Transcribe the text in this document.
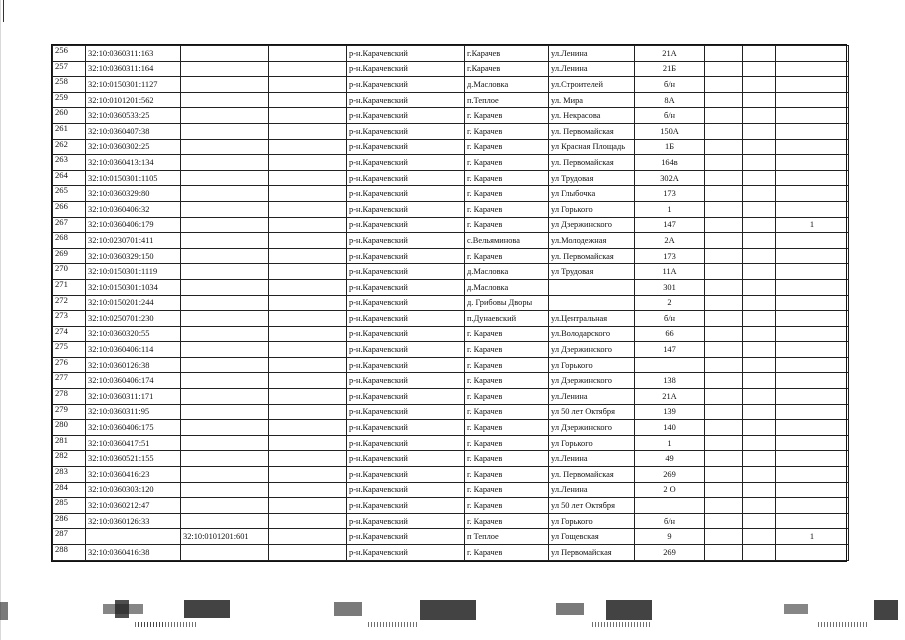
256	32:10:0360311:163			р-н.Карачевский	г.Карачев	ул.Ленина	21А			
257	32:10:0360311:164			р-н.Карачевский	г.Карачев	ул.Ленина	21Б			
258	32:10:0150301:1127			р-н.Карачевский	д.Масловка	ул.Строителей	б/н			
259	32:10:0101201:562			р-н.Карачевский	п.Теплое	ул. Мира	8А			
260	32:10:0360533:25			р-н.Карачевский	г. Карачев	ул. Некрасова	б/н			
261	32:10:0360407:38			р-н.Карачевский	г. Карачев	ул. Первомайская	150А			
262	32:10:0360302:25			р-н.Карачевский	г. Карачев	ул Красная Площадь	1Б			
263	32:10:0360413:134			р-н.Карачевский	г. Карачев	ул. Первомайская	164в			
264	32:10:0150301:1105			р-н.Карачевский	г. Карачев	ул Трудовая	302А			
265	32:10:0360329:80			р-н.Карачевский	г. Карачев	ул Глыбочка	173			
266	32:10:0360406:32			р-н.Карачевский	г. Карачев	ул Горького	1			
267	32:10:0360406:179			р-н.Карачевский	г. Карачев	ул Дзержинского	147			1
268	32:10:0230701:411			р-н.Карачевский	с.Вельяминова	ул.Молодежная	2А			
269	32:10:0360329:150			р-н.Карачевский	г. Карачев	ул. Первомайская	173			
270	32:10:0150301:1119			р-н.Карачевский	д.Масловка	ул Трудовая	11А			
271	32:10:0150301:1034			р-н.Карачевский	д.Масловка		301			
272	32:10:0150201:244			р-н.Карачевский	д. Грибовы Дворы		2			
273	32:10:0250701:230			р-н.Карачевский	п.Дунаевский	ул.Центральная	б/н			
274	32:10:0360320:55			р-н.Карачевский	г. Карачев	ул.Володарского	66			
275	32:10:0360406:114			р-н.Карачевский	г. Карачев	ул Дзержинского	147			
276	32:10:0360126:38			р-н.Карачевский	г. Карачев	ул Горького				
277	32:10:0360406:174			р-н.Карачевский	г. Карачев	ул Дзержинского	138			
278	32:10:0360311:171			р-н.Карачевский	г. Карачев	ул.Ленина	21А			
279	32:10:0360311:95			р-н.Карачевский	г. Карачев	ул 50 лет Октября	139			
280	32:10:0360406:175			р-н.Карачевский	г. Карачев	ул Дзержинского	140			
281	32:10:0360417:51			р-н.Карачевский	г. Карачев	ул Горького	1			
282	32:10:0360521:155			р-н.Карачевский	г. Карачев	ул.Ленина	49			
283	32:10:0360416:23			р-н.Карачевский	г. Карачев	ул. Первомайская	269			
284	32:10:0360303:120			р-н.Карачевский	г. Карачев	ул.Ленина	2 О			
285	32:10:0360212:47			р-н.Карачевский	г. Карачев	ул 50 лет Октября				
286	32:10:0360126:33			р-н.Карачевский	г. Карачев	ул Горького	б/н			
287		32:10:0101201:601		р-н.Карачевский	п Теплое	ул Гощевская	9			1
288	32:10:0360416:38			р-н.Карачевский	г. Карачев	ул Первомайская	269			
